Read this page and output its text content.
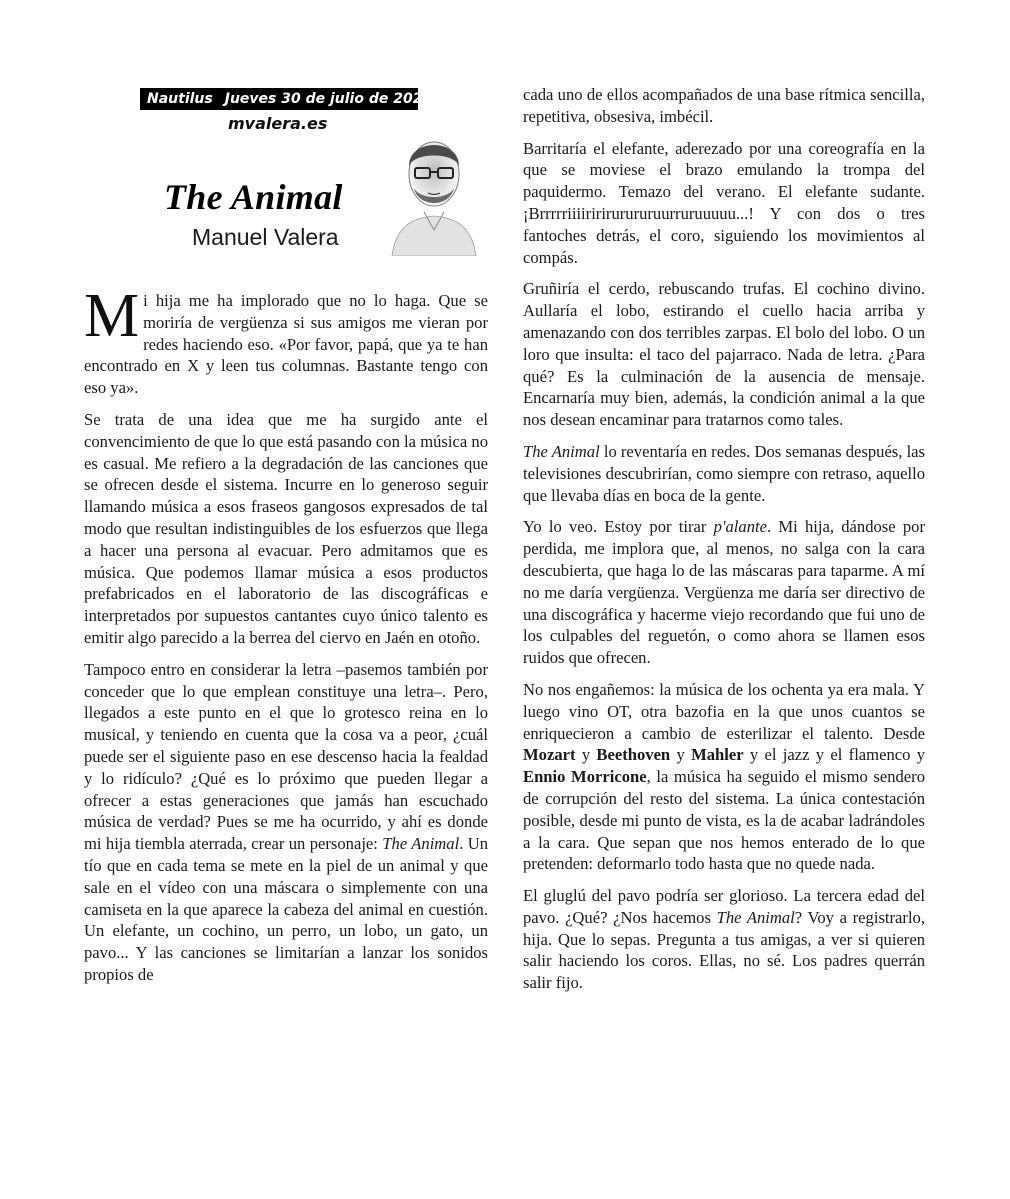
Nautilus Jueves 30 de julio de 2026
mvalera.es
The Animal
Manuel Valera

Mi hija me ha implorado que no lo haga. Que se moriría de vergüenza si sus amigos me vieran por redes haciendo eso. «Por favor, papá, que ya te han encontrado en X y leen tus columnas. Bastante tengo con eso ya».

Se trata de una idea que me ha surgido ante el convencimiento de que lo que está pasando con la música no es casual. Me refiero a la degradación de las canciones que se ofrecen desde el sistema. Incurre en lo generoso seguir llamando música a esos fraseos gangosos expresados de tal modo que resultan indistinguibles de los esfuerzos que llega a hacer una persona al evacuar. Pero admitamos que es música. Que podemos llamar música a esos productos prefabricados en el laboratorio de las discográficas e interpretados por supuestos cantantes cuyo único talento es emitir algo parecido a la berrea del ciervo en Jaén en otoño.

Tampoco entro en considerar la letra –pasemos también por conceder que lo que emplean constituye una letra–. Pero, llegados a este punto en el que lo grotesco reina en lo musical, y teniendo en cuenta que la cosa va a peor, ¿cuál puede ser el siguiente paso en ese descenso hacia la fealdad y lo ridículo? ¿Qué es lo próximo que pueden llegar a ofrecer a estas generaciones que jamás han escuchado música de verdad? Pues se me ha ocurrido, y ahí es donde mi hija tiembla aterrada, crear un personaje: The Animal. Un tío que en cada tema se mete en la piel de un animal y que sale en el vídeo con una máscara o simplemente con una camiseta en la que aparece la cabeza del animal en cuestión. Un elefante, un cochino, un perro, un lobo, un gato, un pavo... Y las canciones se limitarían a lanzar los sonidos propios de

cada uno de ellos acompañados de una base rítmica sencilla, repetitiva, obsesiva, imbécil.

Barritaría el elefante, aderezado por una coreografía en la que se moviese el brazo emulando la trompa del paquidermo. Temazo del verano. El elefante sudante. ¡Brrrrriiiiririrurururuurruruuuuu...! Y con dos o tres fantoches detrás, el coro, siguiendo los movimientos al compás.

Gruñiría el cerdo, rebuscando trufas. El cochino divino. Aullaría el lobo, estirando el cuello hacia arriba y amenazando con dos terribles zarpas. El bolo del lobo. O un loro que insulta: el taco del pajarraco. Nada de letra. ¿Para qué? Es la culminación de la ausencia de mensaje. Encarnaría muy bien, además, la condición animal a la que nos desean encaminar para tratarnos como tales.

The Animal lo reventaría en redes. Dos semanas después, las televisiones descubrirían, como siempre con retraso, aquello que llevaba días en boca de la gente.

Yo lo veo. Estoy por tirar p'alante. Mi hija, dándose por perdida, me implora que, al menos, no salga con la cara descubierta, que haga lo de las máscaras para taparme. A mí no me daría vergüenza. Vergüenza me daría ser directivo de una discográfica y hacerme viejo recordando que fui uno de los culpables del reguetón, o como ahora se llamen esos ruidos que ofrecen.

No nos engañemos: la música de los ochenta ya era mala. Y luego vino OT, otra bazofia en la que unos cuantos se enriquecieron a cambio de esterilizar el talento. Desde Mozart y Beethoven y Mahler y el jazz y el flamenco y Ennio Morricone, la música ha seguido el mismo sendero de corrupción del resto del sistema. La única contestación posible, desde mi punto de vista, es la de acabar ladrándoles a la cara. Que sepan que nos hemos enterado de lo que pretenden: deformarlo todo hasta que no quede nada.

El gluglú del pavo podría ser glorioso. La tercera edad del pavo. ¿Qué? ¿Nos hacemos The Animal? Voy a registrarlo, hija. Que lo sepas. Pregunta a tus amigas, a ver si quieren salir haciendo los coros. Ellas, no sé. Los padres querrán salir fijo.
